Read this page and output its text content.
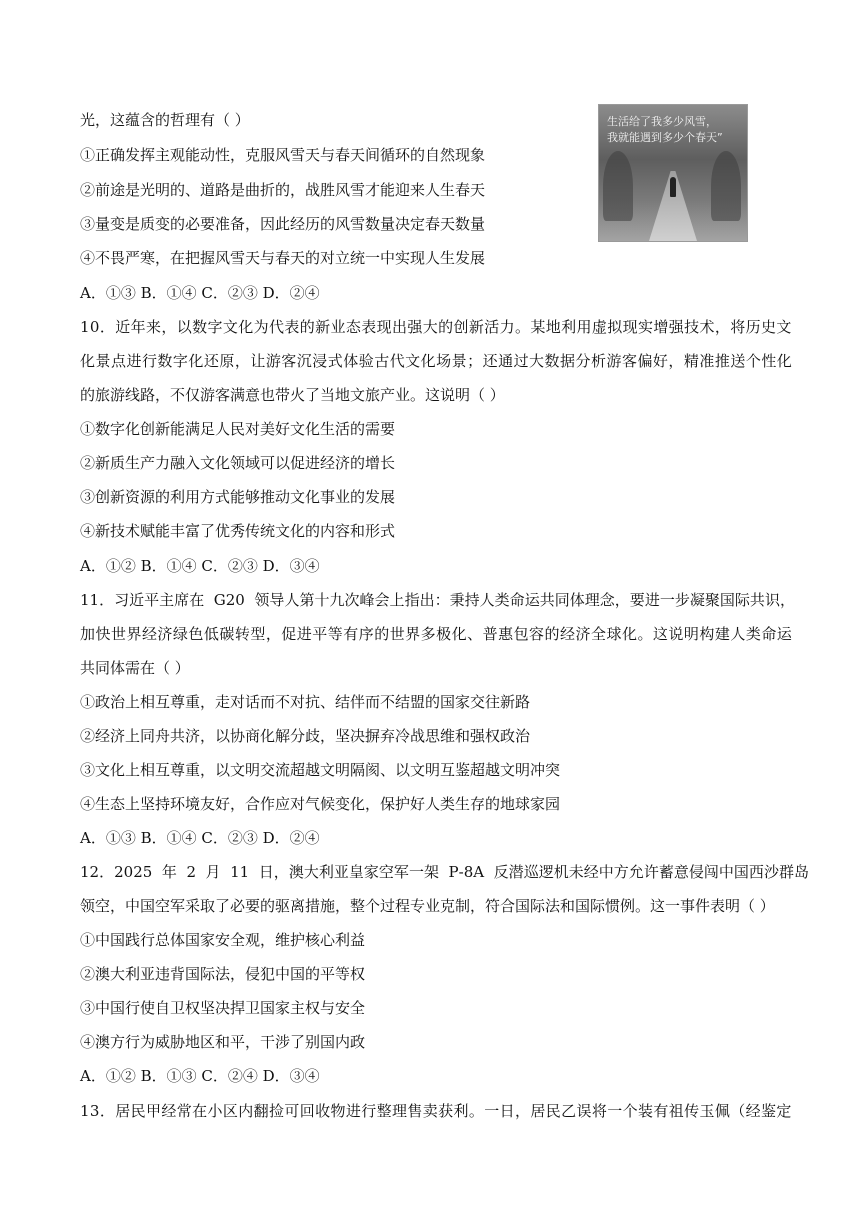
生活给了我多少风雪，
我就能遇到多少个春天”
光，这蕴含的哲理有（ ）
①正确发挥主观能动性，克服风雪天与春天间循环的自然现象
②前途是光明的、道路是曲折的，战胜风雪才能迎来人生春天
③量变是质变的必要准备，因此经历的风雪数量决定春天数量
④不畏严寒，在把握风雪天与春天的对立统一中实现人生发展
A．①③ B．①④ C．②③ D．②④
1 0 ． 近 年 来 ， 以 数 字 文 化 为 代 表 的 新 业 态 表 现 出 强 大 的 创 新 活 力 。 某 地 利 用 虚 拟 现 实 增 强 技 术 ， 将 历 史 文
化 景 点 进 行 数 字 化 还 原 ， 让 游 客 沉 浸 式 体 验 古 代 文 化 场 景 ； 还 通 过 大 数 据 分 析 游 客 偏 好 ， 精 准 推 送 个 性 化
的旅游线路，不仅游客满意也带火了当地文旅产业。这说明（ ）
①数字化创新能满足人民对美好文化生活的需要
②新质生产力融入文化领域可以促进经济的增长
③创新资源的利用方式能够推动文化事业的发展
④新技术赋能丰富了优秀传统文化的内容和形式
A．①② B．①④ C．②③ D．③④
1 1 ． 习 近 平 主 席 在

G 2 0

领 导 人 第 十 九 次 峰 会 上 指 出 ： 秉 持 人 类 命 运 共 同 体 理 念 ， 要 进 一 步 凝 聚 国 际 共 识 ，
加 快 世 界 经 济 绿 色 低 碳 转 型 ， 促 进 平 等 有 序 的 世 界 多 极 化 、 普 惠 包 容 的 经 济 全 球 化 。 这 说 明 构 建 人 类 命 运
共同体需在（ ）
①政治上相互尊重，走对话而不对抗、结伴而不结盟的国家交往新路
②经济上同舟共济，以协商化解分歧，坚决摒弃冷战思维和强权政治
③文化上相互尊重，以文明交流超越文明隔阂、以文明互鉴超越文明冲突
④生态上坚持环境友好，合作应对气候变化，保护好人类生存的地球家园
A．①③ B．①④ C．②③ D．②④
1 2 ． 2 0 2 5

年

2

月

1 1

日 ， 澳 大 利 亚 皇 家 空 军 一 架

P - 8 A

反 潜 巡 逻 机 未 经 中 方 允 许 蓄 意 侵 闯 中 国 西 沙 群 岛
领空，中国空军采取了必要的驱离措施，整个过程专业克制，符合国际法和国际惯例。这一事件表明（ ）
①中国践行总体国家安全观，维护核心利益
②澳大利亚违背国际法，侵犯中国的平等权
③中国行使自卫权坚决捍卫国家主权与安全
④澳方行为威胁地区和平，干涉了别国内政
A．①② B．①③ C．②④ D．③④
1 3 ． 居 民 甲 经 常 在 小 区 内 翻 捡 可 回 收 物 进 行 整 理 售 卖 获 利 。 一 日 ， 居 民 乙 误 将 一 个 装 有 祖 传 玉 佩 （ 经 鉴 定
